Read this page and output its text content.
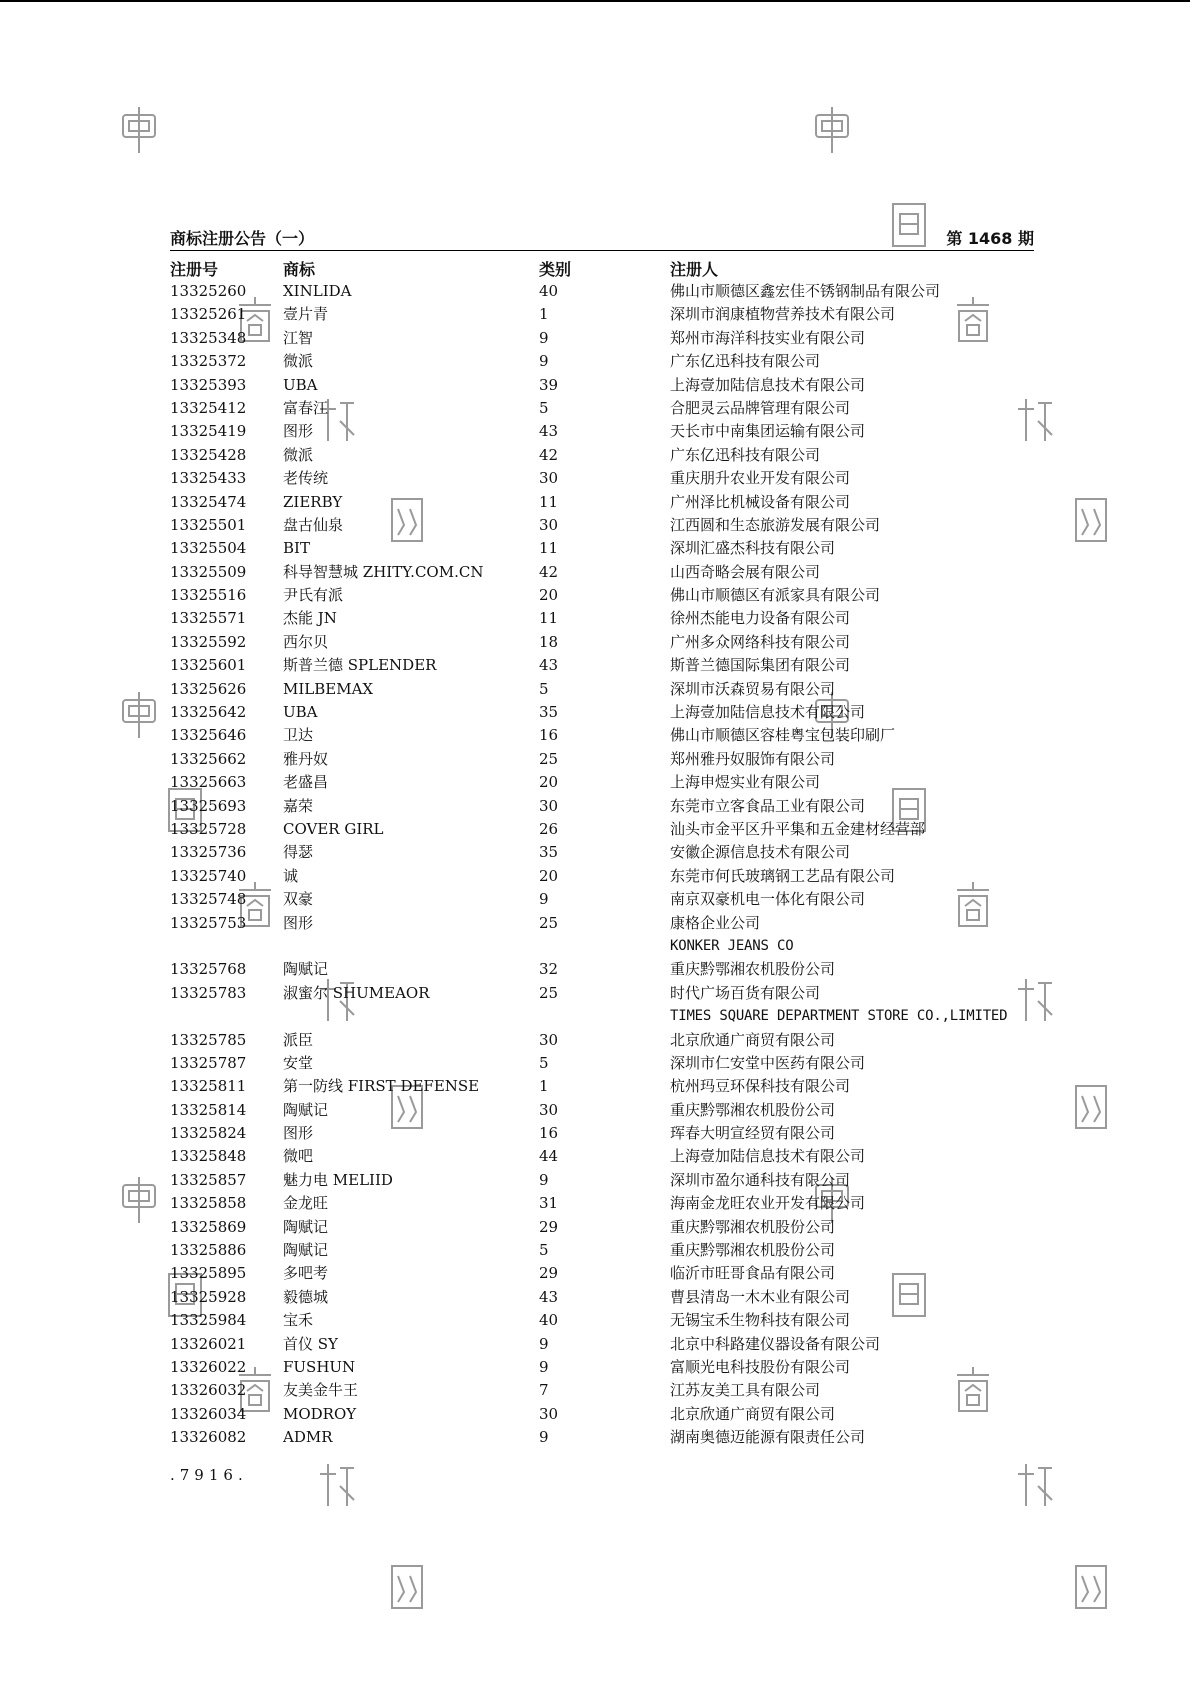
商标注册公告（一）	第 1468 期
注册号	商标	类别	注册人
13325260 XINLIDA	40	佛山市顺德区鑫宏佳不锈钢制品有限公司
13325261 壹片青	1	深圳市润康植物营养技术有限公司
13325348 江智	9	郑州市海洋科技实业有限公司
13325372 微派	9	广东亿迅科技有限公司
13325393 UBA	39	上海壹加陆信息技术有限公司
13325412 富春江	5	合肥灵云品牌管理有限公司
13325419 图形	43	天长市中南集团运输有限公司
13325428 微派	42	广东亿迅科技有限公司
13325433 老传统	30	重庆朋升农业开发有限公司
13325474 ZIERBY	11	广州泽比机械设备有限公司
13325501 盘古仙泉	30	江西圆和生态旅游发展有限公司
13325504 BIT	11	深圳汇盛杰科技有限公司
13325509 科导智慧城 ZHITY.COM.CN	42	山西奇略会展有限公司
13325516 尹氏有派	20	佛山市顺德区有派家具有限公司
13325571 杰能 JN	11	徐州杰能电力设备有限公司
13325592 西尔贝	18	广州多众网络科技有限公司
13325601 斯普兰德 SPLENDER	43	斯普兰德国际集团有限公司
13325626 MILBEMAX	5	深圳市沃森贸易有限公司
13325642 UBA	35	上海壹加陆信息技术有限公司
13325646 卫达	16	佛山市顺德区容桂粤宝包装印刷厂
13325662 雅丹奴	25	郑州雅丹奴服饰有限公司
13325663 老盛昌	20	上海申煜实业有限公司
13325693 嘉荣	30	东莞市立客食品工业有限公司
13325728 COVER GIRL	26	汕头市金平区升平集和五金建材经营部
13325736 得瑟	35	安徽企源信息技术有限公司
13325740 诚	20	东莞市何氏玻璃钢工艺品有限公司
13325748 双豪	9	南京双豪机电一体化有限公司
13325753 图形	25	康格企业公司
KONKER JEANS CO
13325768 陶赋记	32	重庆黔鄂湘农机股份公司
13325783 淑蜜尔 SHUMEAOR	25	时代广场百货有限公司
TIMES SQUARE DEPARTMENT STORE CO.,LIMITED
13325785 派臣	30	北京欣通广商贸有限公司
13325787 安堂	5	深圳市仁安堂中医药有限公司
13325811 第一防线 FIRST DEFENSE	1	杭州玛豆环保科技有限公司
13325814 陶赋记	30	重庆黔鄂湘农机股份公司
13325824 图形	16	珲春大明宣经贸有限公司
13325848 微吧	44	上海壹加陆信息技术有限公司
13325857 魅力电 MELIID	9	深圳市盈尔通科技有限公司
13325858 金龙旺	31	海南金龙旺农业开发有限公司
13325869 陶赋记	29	重庆黔鄂湘农机股份公司
13325886 陶赋记	5	重庆黔鄂湘农机股份公司
13325895 多吧考	29	临沂市旺哥食品有限公司
13325928 毅德城	43	曹县清岛一木木业有限公司
13325984 宝禾	40	无锡宝禾生物科技有限公司
13326021 首仪 SY	9	北京中科路建仪器设备有限公司
13326022 FUSHUN	9	富顺光电科技股份有限公司
13326032 友美金牛王	7	江苏友美工具有限公司
13326034 MODROY	30	北京欣通广商贸有限公司
13326082 ADMR	9	湖南奥德迈能源有限责任公司
.7916.
